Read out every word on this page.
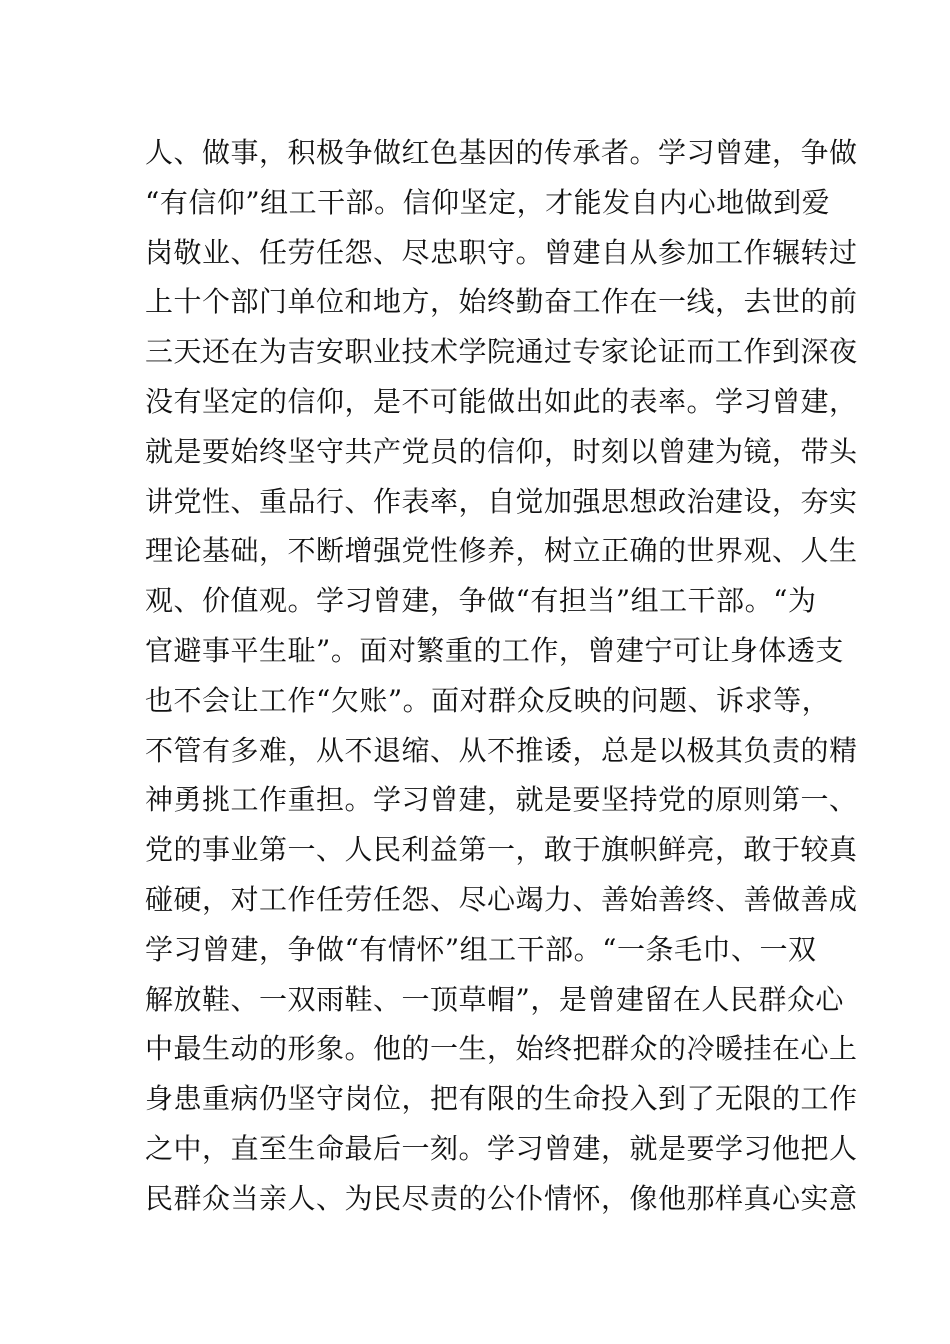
人、做事，积极争做红色基因的传承者。学习曾建，争做
“有信仰”组工干部。信仰坚定，才能发自内心地做到爱
岗敬业、任劳任怨、尽忠职守。曾建自从参加工作辗转过
上十个部门单位和地方，始终勤奋工作在一线，去世的前
三天还在为吉安职业技术学院通过专家论证而工作到深夜
没有坚定的信仰，是不可能做出如此的表率。学习曾建，
就是要始终坚守共产党员的信仰，时刻以曾建为镜，带头
讲党性、重品行、作表率，自觉加强思想政治建设，夯实
理论基础，不断增强党性修养，树立正确的世界观、人生
观、价值观。学习曾建，争做“有担当”组工干部。“为
官避事平生耻”。面对繁重的工作，曾建宁可让身体透支
也不会让工作“欠账”。面对群众反映的问题、诉求等，
不管有多难，从不退缩、从不推诿，总是以极其负责的精
神勇挑工作重担。学习曾建，就是要坚持党的原则第一、
党的事业第一、人民利益第一，敢于旗帜鲜亮，敢于较真
碰硬，对工作任劳任怨、尽心竭力、善始善终、善做善成
学习曾建，争做“有情怀”组工干部。“一条毛巾、一双
解放鞋、一双雨鞋、一顶草帽”，是曾建留在人民群众心
中最生动的形象。他的一生，始终把群众的冷暖挂在心上
身患重病仍坚守岗位，把有限的生命投入到了无限的工作
之中，直至生命最后一刻。学习曾建，就是要学习他把人
民群众当亲人、为民尽责的公仆情怀，像他那样真心实意
